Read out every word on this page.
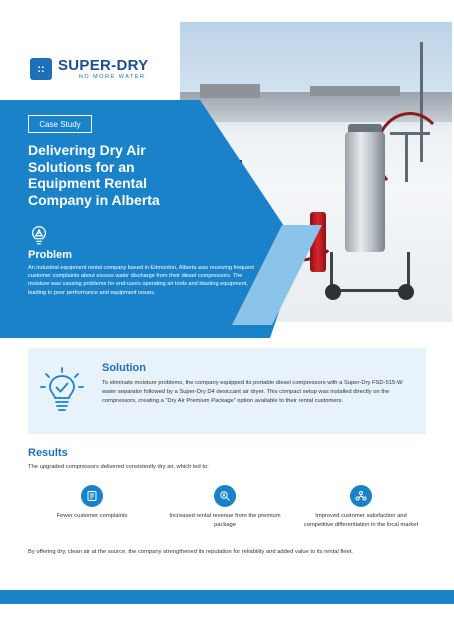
:: SUPER-DRY
NO MORE WATER.
Case Study
Delivering Dry Air Solutions for an Equipment Rental Company in Alberta
Problem
An industrial equipment rental company based in Edmonton, Alberta was receiving frequent customer complaints about excess water discharge from their diesel compressors. The moisture was causing problems for end-users operating air tools and blasting equipment, leading to poor performance and equipment issues.
Solution
To eliminate moisture problems, the company equipped its portable diesel compressors with a Super-Dry FSD-515-W water separator followed by a Super-Dry D4 desiccant air dryer. This compact setup was installed directly on the compressors, creating a “Dry Air Premium Package” option available to their rental customers.
Results
The upgraded compressors delivered consistently dry air, which led to:
Fewer customer complaints	Increased rental revenue from the premium package
Improved customer satisfaction and competitive differentiation in the local market
By offering dry, clean air at the source, the company strengthened its reputation for reliability and added value to its rental fleet.
